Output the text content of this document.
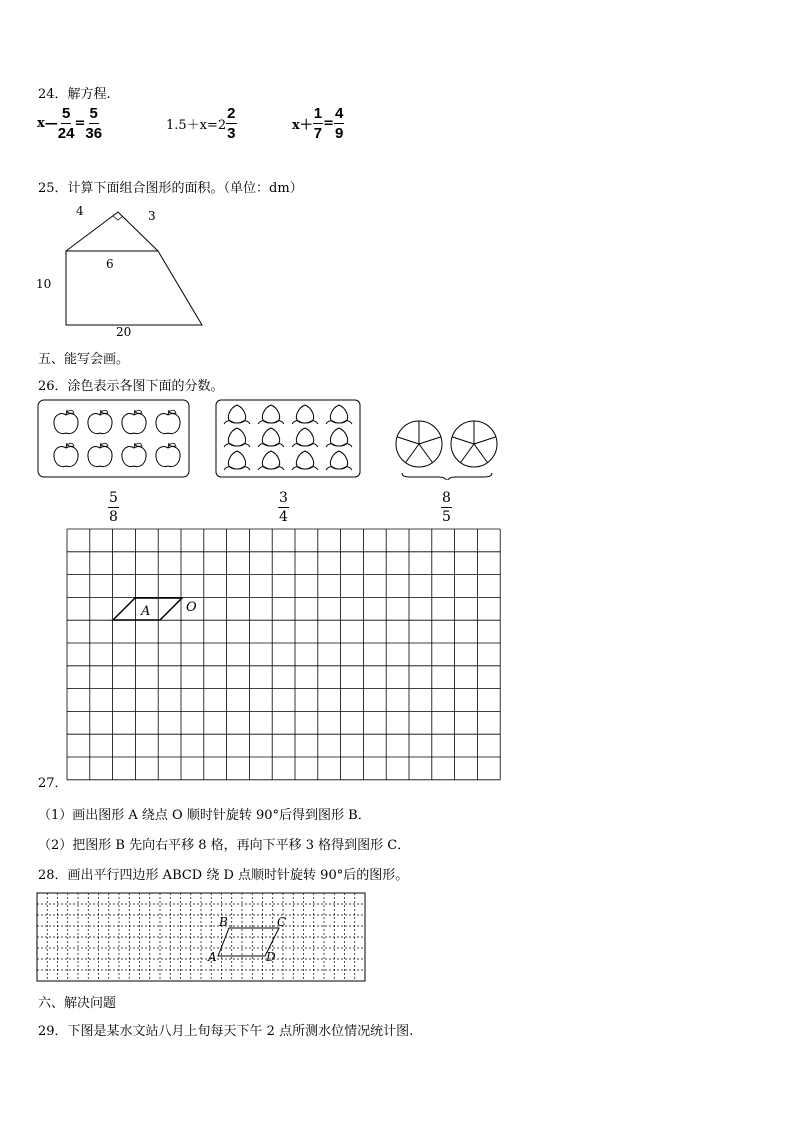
24．解方程.
x— $\frac{5}{24} = \frac{5}{36}$	$1.5+x=2 \frac{2}{3}$	$x+ \frac{1}{7} = \frac{4}{9}$
25．计算下面组合图形的面积。（单位：dm）
4	3
6
10
20
五、能写会画。
26．涂色表示各图下面的分数。
$\frac{5}{8}$	$\frac{3}{4}$	$\frac{8}{5}$
A	O
27．
（1）画出图形 A 绕点 O 顺时针旋转 90°后得到图形 B．
（2）把图形 B 先向右平移 8 格，再向下平移 3 格得到图形 C．
28．画出平行四边形 ABCD 绕 D 点顺时针旋转 90°后的图形。
B	C
A	D
六、解决问题
29．下图是某水文站八月上旬每天下午 2 点所测水位情况统计图.
